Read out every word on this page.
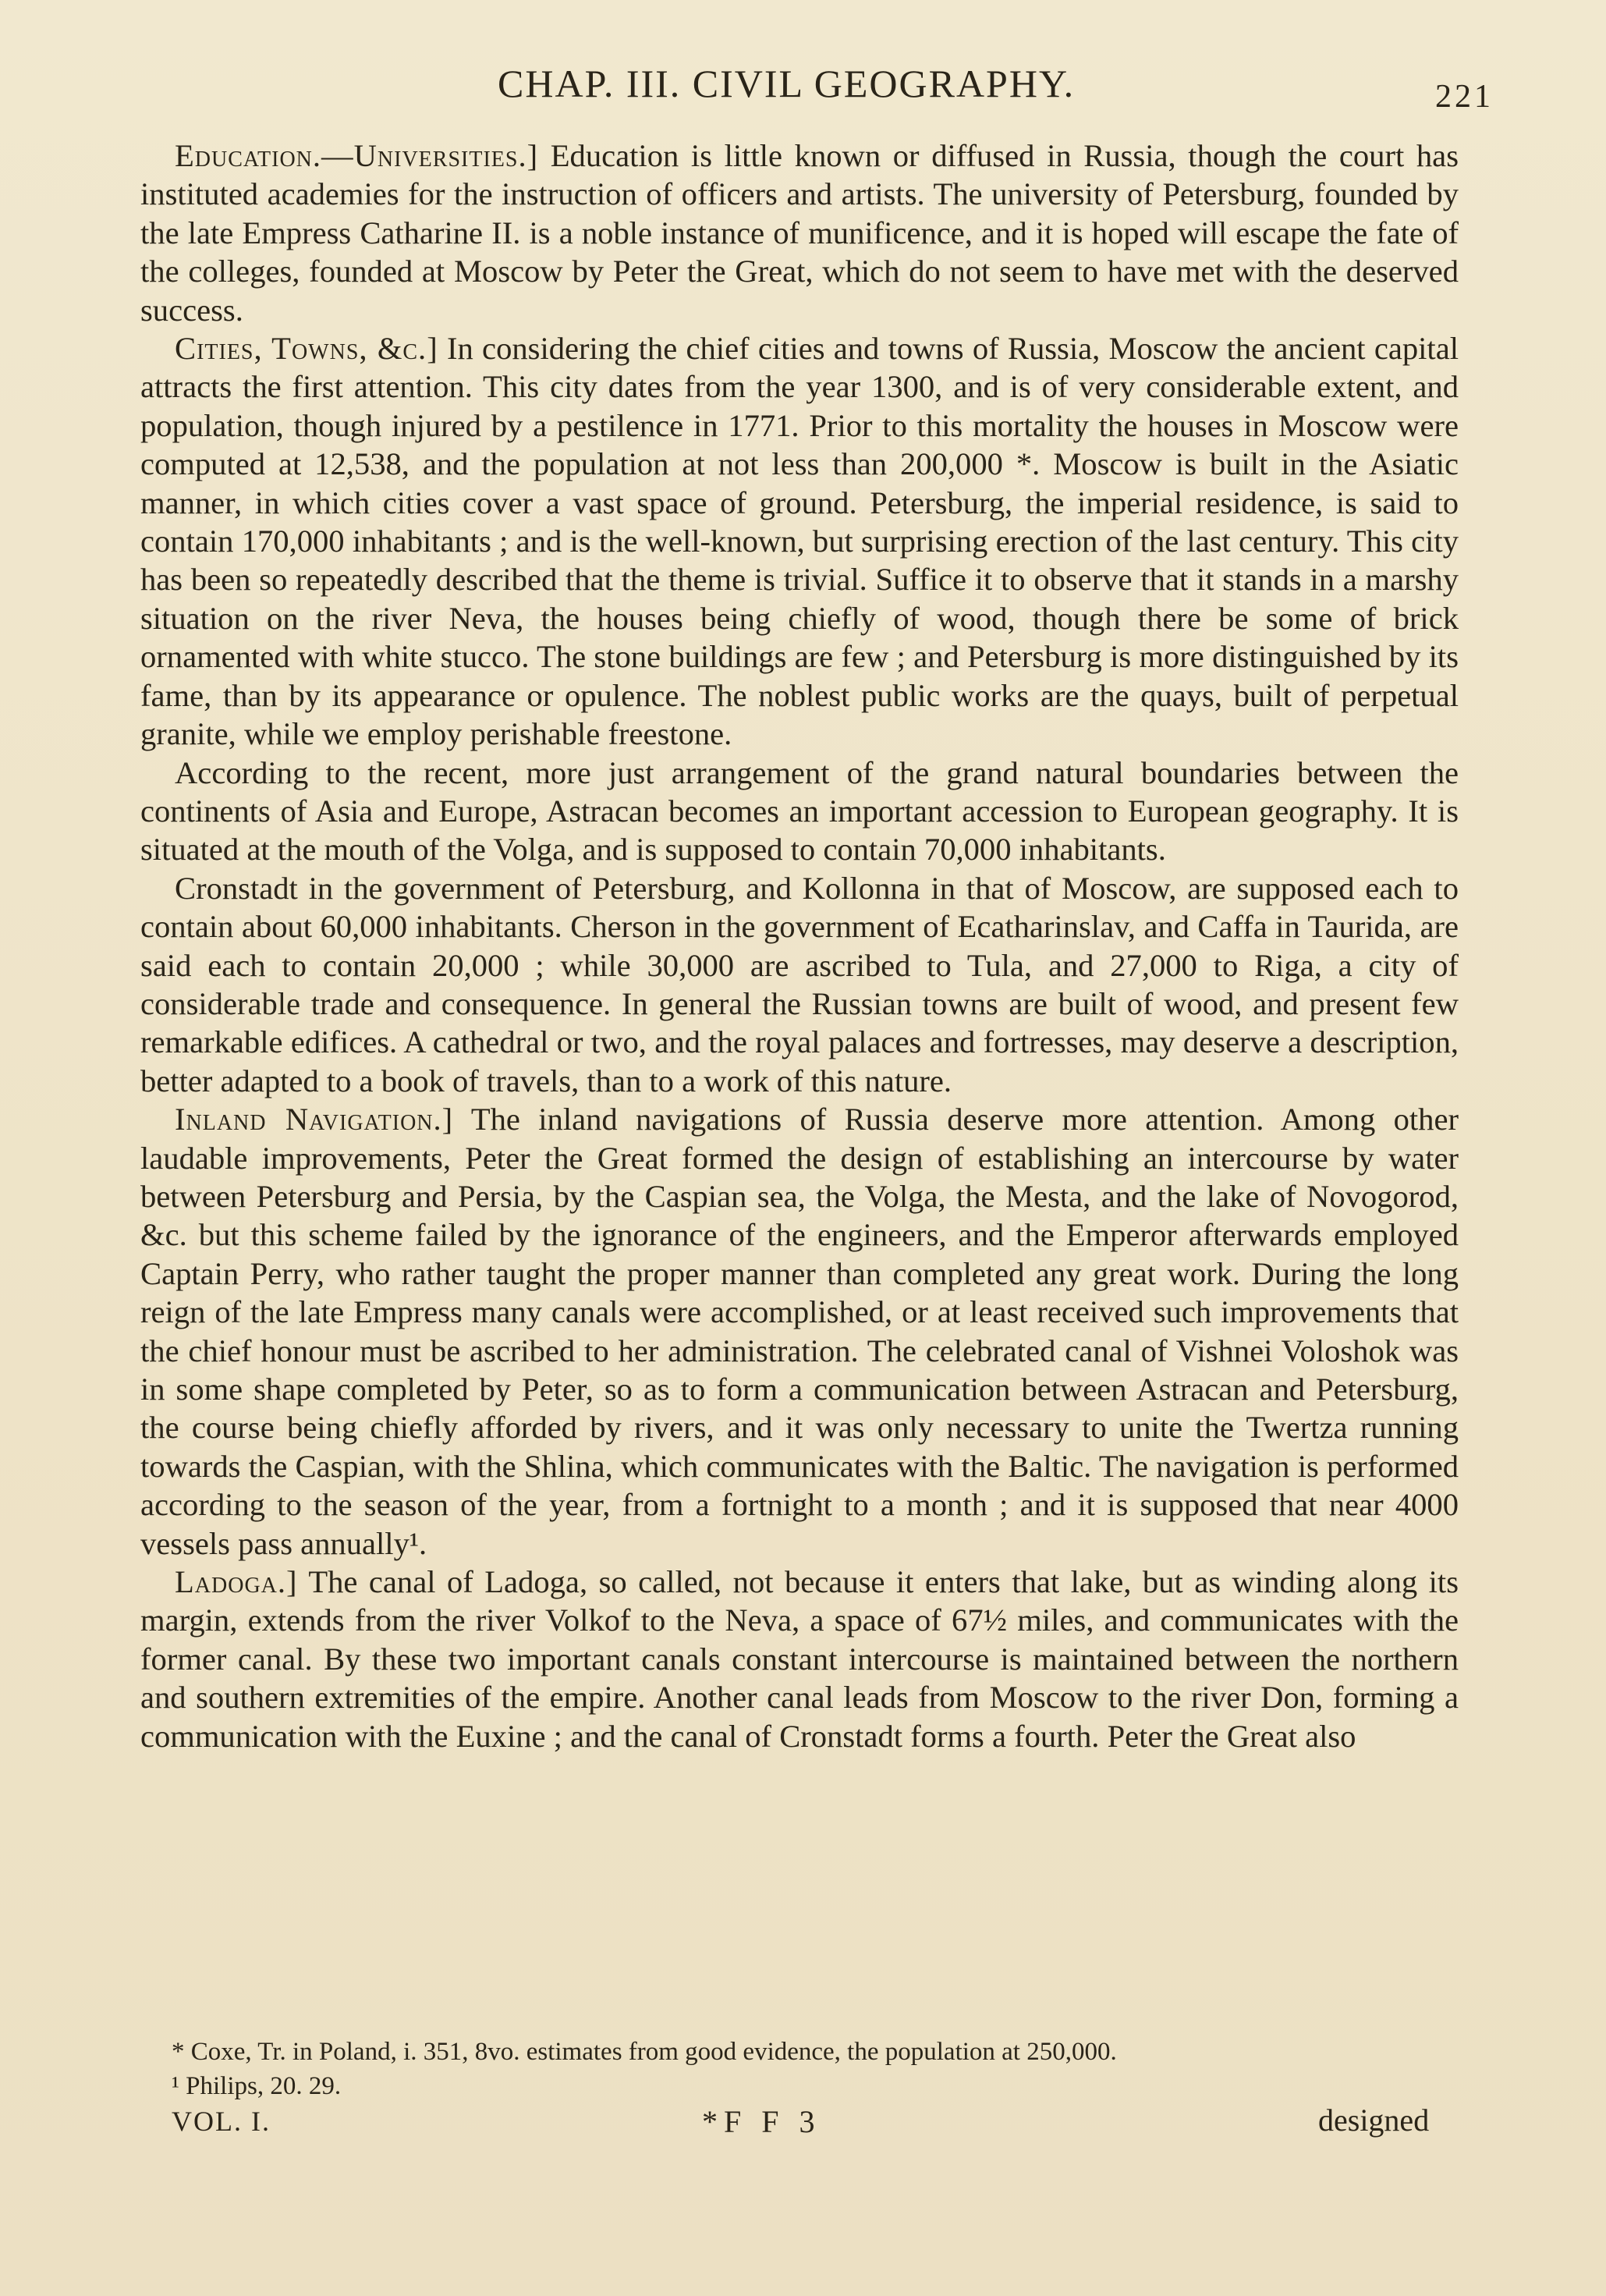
CHAP. III. CIVIL GEOGRAPHY.	221

Education.—Universities.] Education is little known or diffused in Russia, though the court has instituted academies for the instruction of officers and artists. The university of Petersburg, founded by the late Empress Catharine II. is a noble instance of munificence, and it is hoped will escape the fate of the colleges, founded at Moscow by Peter the Great, which do not seem to have met with the deserved success.

Cities, Towns, &c.] In considering the chief cities and towns of Russia, Moscow the ancient capital attracts the first attention. This city dates from the year 1300, and is of very considerable extent, and population, though injured by a pestilence in 1771. Prior to this mortality the houses in Moscow were computed at 12,538, and the population at not less than 200,000 *. Moscow is built in the Asiatic manner, in which cities cover a vast space of ground. Petersburg, the imperial residence, is said to contain 170,000 inhabitants ; and is the well-known, but surprising erection of the last century. This city has been so repeatedly described that the theme is trivial. Suffice it to observe that it stands in a marshy situation on the river Neva, the houses being chiefly of wood, though there be some of brick ornamented with white stucco. The stone buildings are few ; and Petersburg is more distinguished by its fame, than by its appearance or opulence. The noblest public works are the quays, built of perpetual granite, while we employ perishable freestone.

According to the recent, more just arrangement of the grand natural boundaries between the continents of Asia and Europe, Astracan becomes an important accession to European geography. It is situated at the mouth of the Volga, and is supposed to contain 70,000 inhabitants.

Cronstadt in the government of Petersburg, and Kollonna in that of Moscow, are supposed each to contain about 60,000 inhabitants. Cherson in the government of Ecatharinslav, and Caffa in Taurida, are said each to contain 20,000 ; while 30,000 are ascribed to Tula, and 27,000 to Riga, a city of considerable trade and consequence. In general the Russian towns are built of wood, and present few remarkable edifices. A cathedral or two, and the royal palaces and fortresses, may deserve a description, better adapted to a book of travels, than to a work of this nature.

Inland Navigation.] The inland navigations of Russia deserve more attention. Among other laudable improvements, Peter the Great formed the design of establishing an intercourse by water between Petersburg and Persia, by the Caspian sea, the Volga, the Mesta, and the lake of Novogorod, &c. but this scheme failed by the ignorance of the engineers, and the Emperor afterwards employed Captain Perry, who rather taught the proper manner than completed any great work. During the long reign of the late Empress many canals were accomplished, or at least received such improvements that the chief honour must be ascribed to her administration. The celebrated canal of Vishnei Voloshok was in some shape completed by Peter, so as to form a communication between Astracan and Petersburg, the course being chiefly afforded by rivers, and it was only necessary to unite the Twertza running towards the Caspian, with the Shlina, which communicates with the Baltic. The navigation is performed according to the season of the year, from a fortnight to a month ; and it is supposed that near 4000 vessels pass annually¹.

Ladoga.] The canal of Ladoga, so called, not because it enters that lake, but as winding along its margin, extends from the river Volkof to the Neva, a space of 67½ miles, and communicates with the former canal. By these two important canals constant intercourse is maintained between the northern and southern extremities of the empire. Another canal leads from Moscow to the river Don, forming a communication with the Euxine ; and the canal of Cronstadt forms a fourth. Peter the Great also

* Coxe, Tr. in Poland, i. 351, 8vo. estimates from good evidence, the population at 250,000.
¹ Philips, 20. 29.
VOL. I.	*F F 3	designed
